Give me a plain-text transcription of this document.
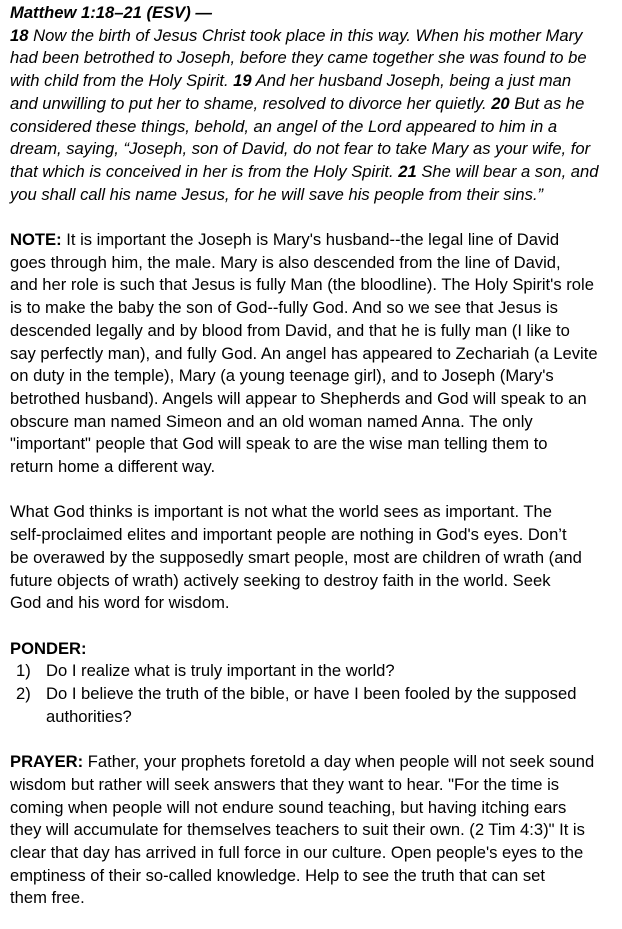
Matthew 1:18–21 (ESV) —
18 Now the birth of Jesus Christ took place in this way. When his mother Mary
had been betrothed to Joseph, before they came together she was found to be
with child from the Holy Spirit. 19 And her husband Joseph, being a just man
and unwilling to put her to shame, resolved to divorce her quietly. 20 But as he
considered these things, behold, an angel of the Lord appeared to him in a
dream, saying, “Joseph, son of David, do not fear to take Mary as your wife, for
that which is conceived in her is from the Holy Spirit. 21 She will bear a son, and
you shall call his name Jesus, for he will save his people from their sins.”
NOTE: It is important the Joseph is Mary's husband--the legal line of David
goes through him, the male. Mary is also descended from the line of David,
and her role is such that Jesus is fully Man (the bloodline). The Holy Spirit's role
is to make the baby the son of God--fully God. And so we see that Jesus is
descended legally and by blood from David, and that he is fully man (I like to
say perfectly man), and fully God. An angel has appeared to Zechariah (a Levite
on duty in the temple), Mary (a young teenage girl), and to Joseph (Mary's
betrothed husband). Angels will appear to Shepherds and God will speak to an
obscure man named Simeon and an old woman named Anna. The only
"important" people that God will speak to are the wise man telling them to
return home a different way.
What God thinks is important is not what the world sees as important. The
self-proclaimed elites and important people are nothing in God's eyes. Don’t
be overawed by the supposedly smart people, most are children of wrath (and
future objects of wrath) actively seeking to destroy faith in the world. Seek
God and his word for wisdom.
PONDER:
1) Do I realize what is truly important in the world?
2) Do I believe the truth of the bible, or have I been fooled by the supposed
authorities?
PRAYER: Father, your prophets foretold a day when people will not seek sound
wisdom but rather will seek answers that they want to hear. "For the time is
coming when people will not endure sound teaching, but having itching ears
they will accumulate for themselves teachers to suit their own. (2 Tim 4:3)" It is
clear that day has arrived in full force in our culture. Open people's eyes to the
emptiness of their so-called knowledge. Help to see the truth that can set
them free.
